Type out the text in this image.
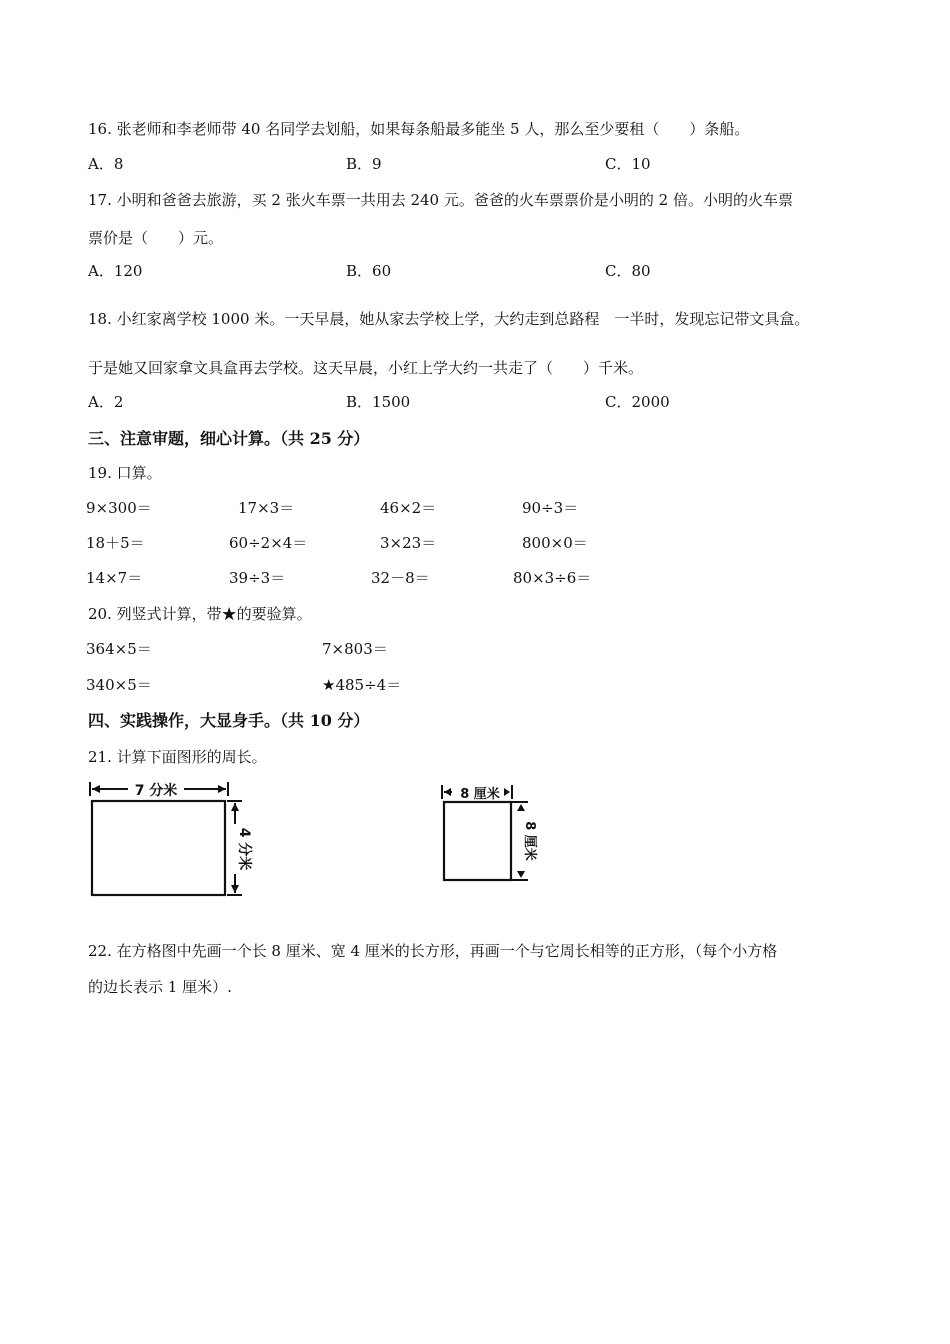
16. 张老师和李老师带 40 名同学去划船，如果每条船最多能坐 5 人，那么至少要租（　　）条船。
A．8	B．9	C．10
17. 小明和爸爸去旅游，买 2 张火车票一共用去 240 元。爸爸的火车票票价是小明的 2 倍。小明的火车票
票价是（　　）元。
A．120	B．60	C．80
18. 小红家离学校 1000 米。一天早晨，她从家去学校上学，大约走到总路程　一半时，发现忘记带文具盒。
于是她又回家拿文具盒再去学校。这天早晨，小红上学大约一共走了（　　）千米。
A．2	B．1500	C．2000
三、注意审题，细心计算。（共 25 分）
19. 口算。
9×300＝	17×3＝	46×2＝	90÷3＝
18＋5＝	60÷2×4＝	3×23＝	800×0＝
14×7＝	39÷3＝	32－8＝	80×3÷6＝
20. 列竖式计算，带★的要验算。
364×5＝	7×803＝
340×5＝	★485÷4＝
四、实践操作，大显身手。（共 10 分）
21. 计算下面图形的周长。
7 分米
4 分米
8 厘米
8 厘米
22. 在方格图中先画一个长 8 厘米、宽 4 厘米的长方形，再画一个与它周长相等的正方形，（每个小方格
的边长表示 1 厘米）.
